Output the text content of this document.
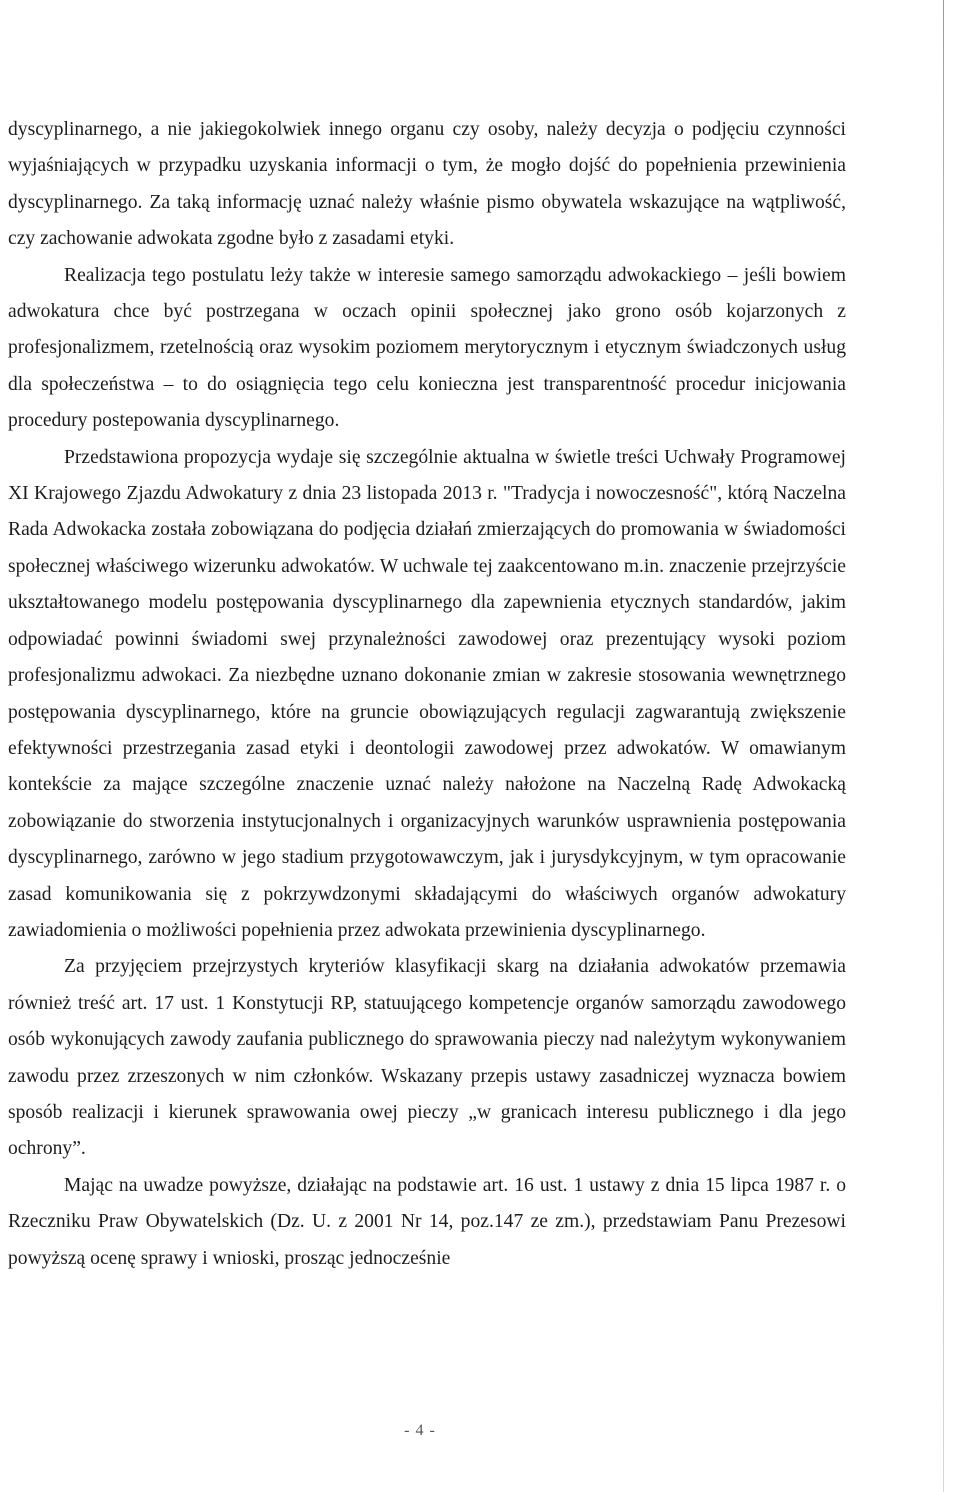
dyscyplinarnego, a nie jakiegokolwiek innego organu czy osoby, należy decyzja o podjęciu czynności wyjaśniających w przypadku uzyskania informacji o tym, że mogło dojść do popełnienia przewinienia dyscyplinarnego. Za taką informację uznać należy właśnie pismo obywatela wskazujące na wątpliwość, czy zachowanie adwokata zgodne było z zasadami etyki.

Realizacja tego postulatu leży także w interesie samego samorządu adwokackiego – jeśli bowiem adwokatura chce być postrzegana w oczach opinii społecznej jako grono osób kojarzonych z profesjonalizmem, rzetelnością oraz wysokim poziomem merytorycznym i etycznym świadczonych usług dla społeczeństwa – to do osiągnięcia tego celu konieczna jest transparentność procedur inicjowania procedury postepowania dyscyplinarnego.

Przedstawiona propozycja wydaje się szczególnie aktualna w świetle treści Uchwały Programowej XI Krajowego Zjazdu Adwokatury z dnia 23 listopada 2013 r. "Tradycja i nowoczesność", którą Naczelna Rada Adwokacka została zobowiązana do podjęcia działań zmierzających do promowania w świadomości społecznej właściwego wizerunku adwokatów. W uchwale tej zaakcentowano m.in. znaczenie przejrzyście ukształtowanego modelu postępowania dyscyplinarnego dla zapewnienia etycznych standardów, jakim odpowiadać powinni świadomi swej przynależności zawodowej oraz prezentujący wysoki poziom profesjonalizmu adwokaci. Za niezbędne uznano dokonanie zmian w zakresie stosowania wewnętrznego postępowania dyscyplinarnego, które na gruncie obowiązujących regulacji zagwarantują zwiększenie efektywności przestrzegania zasad etyki i deontologii zawodowej przez adwokatów. W omawianym kontekście za mające szczególne znaczenie uznać należy nałożone na Naczelną Radę Adwokacką zobowiązanie do stworzenia instytucjonalnych i organizacyjnych warunków usprawnienia postępowania dyscyplinarnego, zarówno w jego stadium przygotowawczym, jak i jurysdykcyjnym, w tym opracowanie zasad komunikowania się z pokrzywdzonymi składającymi do właściwych organów adwokatury zawiadomienia o możliwości popełnienia przez adwokata przewinienia dyscyplinarnego.

Za przyjęciem przejrzystych kryteriów klasyfikacji skarg na działania adwokatów przemawia również treść art. 17 ust. 1 Konstytucji RP, statuującego kompetencje organów samorządu zawodowego osób wykonujących zawody zaufania publicznego do sprawowania pieczy nad należytym wykonywaniem zawodu przez zrzeszonych w nim członków. Wskazany przepis ustawy zasadniczej wyznacza bowiem sposób realizacji i kierunek sprawowania owej pieczy „w granicach interesu publicznego i dla jego ochrony”.

Mając na uwadze powyższe, działając na podstawie art. 16 ust. 1 ustawy z dnia 15 lipca 1987 r. o Rzeczniku Praw Obywatelskich (Dz. U. z 2001 Nr 14, poz.147 ze zm.), przedstawiam Panu Prezesowi powyższą ocenę sprawy i wnioski, prosząc jednocześnie

- 4 -
